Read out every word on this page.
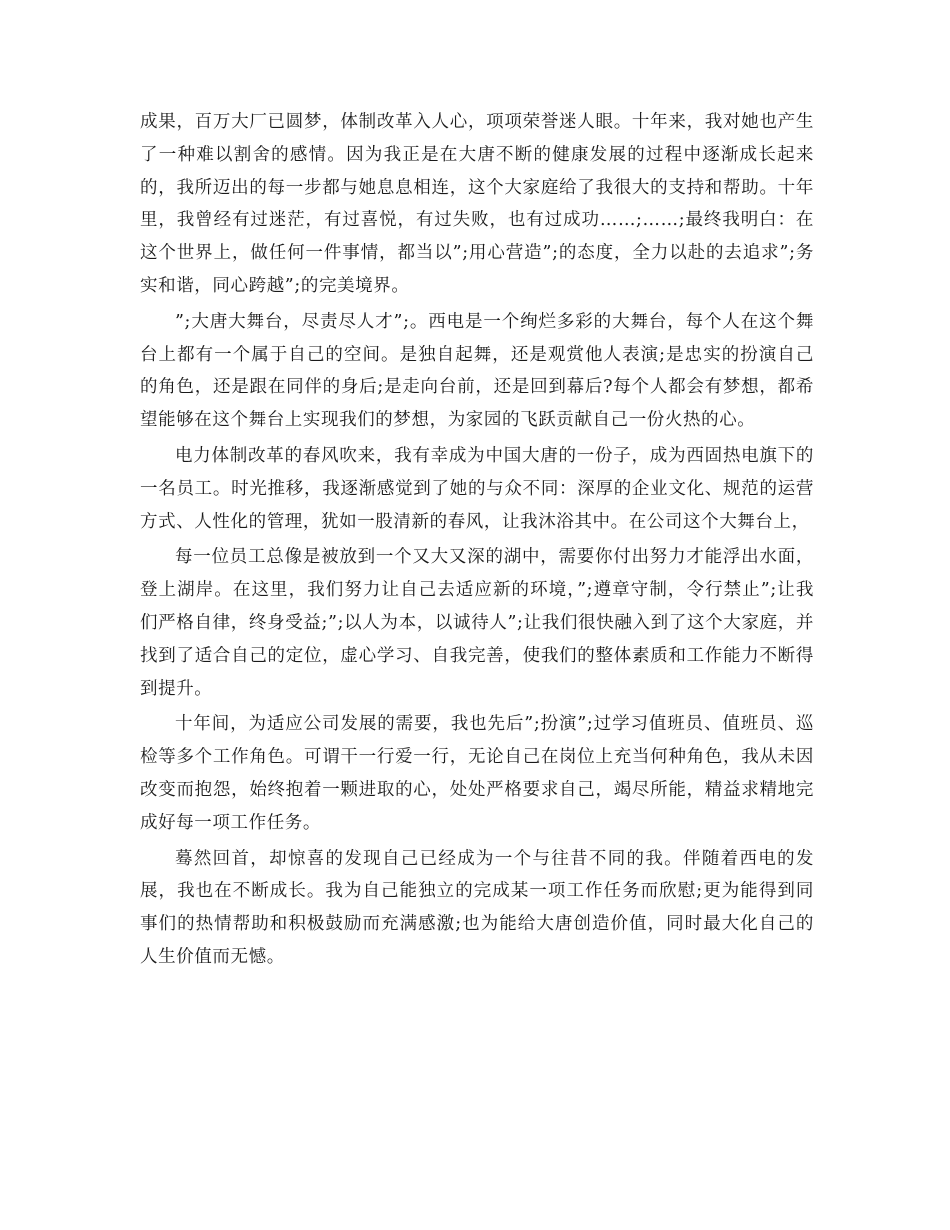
成果，百万大厂已圆梦，体制改革入人心，项项荣誉迷人眼。十年来，我对她也产生了一种难以割舍的感情。因为我正是在大唐不断的健康发展的过程中逐渐成长起来的，我所迈出的每一步都与她息息相连，这个大家庭给了我很大的支持和帮助。十年里，我曾经有过迷茫，有过喜悦，有过失败，也有过成功……;……;最终我明白：在这个世界上，做任何一件事情，都当以”;用心营造”;的态度，全力以赴的去追求”;务实和谐，同心跨越”;的完美境界。

”;大唐大舞台，尽责尽人才”;。西电是一个绚烂多彩的大舞台，每个人在这个舞台上都有一个属于自己的空间。是独自起舞，还是观赏他人表演;是忠实的扮演自己的角色，还是跟在同伴的身后;是走向台前，还是回到幕后?每个人都会有梦想，都希望能够在这个舞台上实现我们的梦想，为家园的飞跃贡献自己一份火热的心。

电力体制改革的春风吹来，我有幸成为中国大唐的一份子，成为西固热电旗下的一名员工。时光推移，我逐渐感觉到了她的与众不同：深厚的企业文化、规范的运营方式、人性化的管理，犹如一股清新的春风，让我沐浴其中。在公司这个大舞台上，

每一位员工总像是被放到一个又大又深的湖中，需要你付出努力才能浮出水面，登上湖岸。在这里，我们努力让自己去适应新的环境，”;遵章守制，令行禁止”;让我们严格自律，终身受益;”;以人为本，以诚待人”;让我们很快融入到了这个大家庭，并找到了适合自己的定位，虚心学习、自我完善，使我们的整体素质和工作能力不断得到提升。

十年间，为适应公司发展的需要，我也先后”;扮演”;过学习值班员、值班员、巡检等多个工作角色。可谓干一行爱一行，无论自己在岗位上充当何种角色，我从未因改变而抱怨，始终抱着一颗进取的心，处处严格要求自己，竭尽所能，精益求精地完成好每一项工作任务。

蓦然回首，却惊喜的发现自己已经成为一个与往昔不同的我。伴随着西电的发展，我也在不断成长。我为自己能独立的完成某一项工作任务而欣慰;更为能得到同事们的热情帮助和积极鼓励而充满感激;也为能给大唐创造价值，同时最大化自己的人生价值而无憾。
